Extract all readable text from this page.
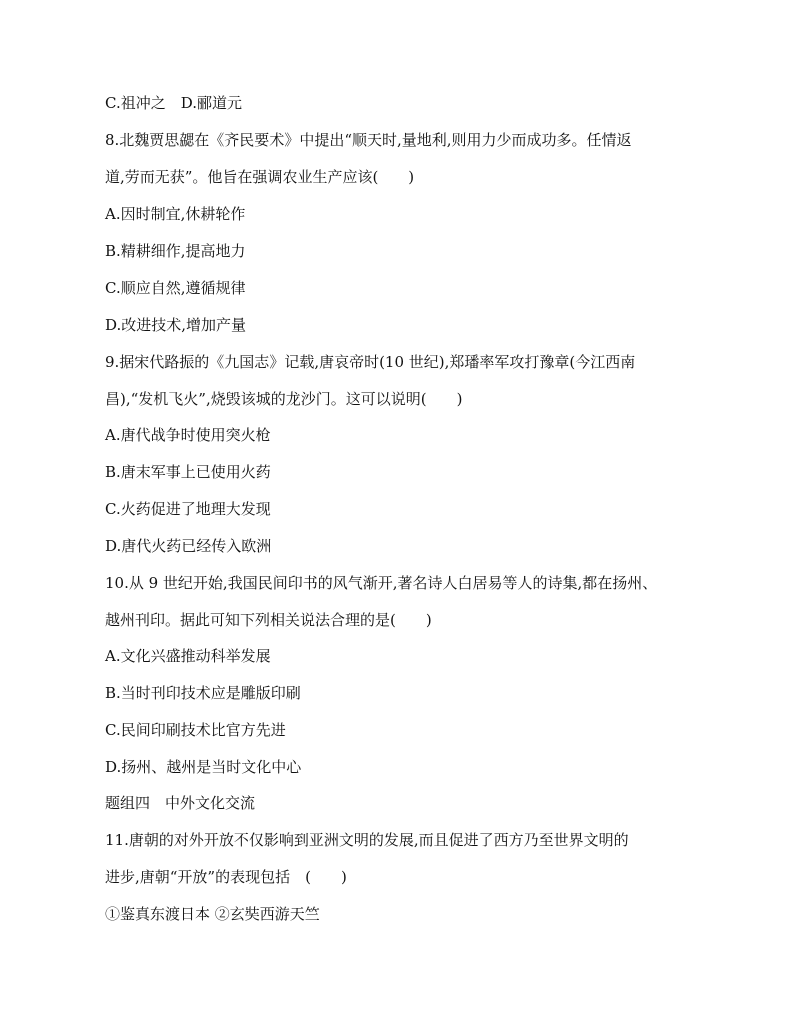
C.祖冲之　D.郦道元
8.北魏贾思勰在《齐民要术》中提出“顺天时,量地利,则用力少而成功多。任情返
道,劳而无获”。他旨在强调农业生产应该(　　)
A.因时制宜,休耕轮作
B.精耕细作,提高地力
C.顺应自然,遵循规律
D.改进技术,增加产量
9.据宋代路振的《九国志》记载,唐哀帝时(10 世纪),郑璠率军攻打豫章(今江西南
昌),“发机飞火”,烧毁该城的龙沙门。这可以说明(　　)
A.唐代战争时使用突火枪
B.唐末军事上已使用火药
C.火药促进了地理大发现
D.唐代火药已经传入欧洲
10.从 9 世纪开始,我国民间印书的风气渐开,著名诗人白居易等人的诗集,都在扬州、
越州刊印。据此可知下列相关说法合理的是(　　)
A.文化兴盛推动科举发展
B.当时刊印技术应是雕版印刷
C.民间印刷技术比官方先进
D.扬州、越州是当时文化中心
题组四　中外文化交流
11.唐朝的对外开放不仅影响到亚洲文明的发展,而且促进了西方乃至世界文明的
进步,唐朝“开放”的表现包括　(　　)
①鉴真东渡日本 ②玄奘西游天竺
